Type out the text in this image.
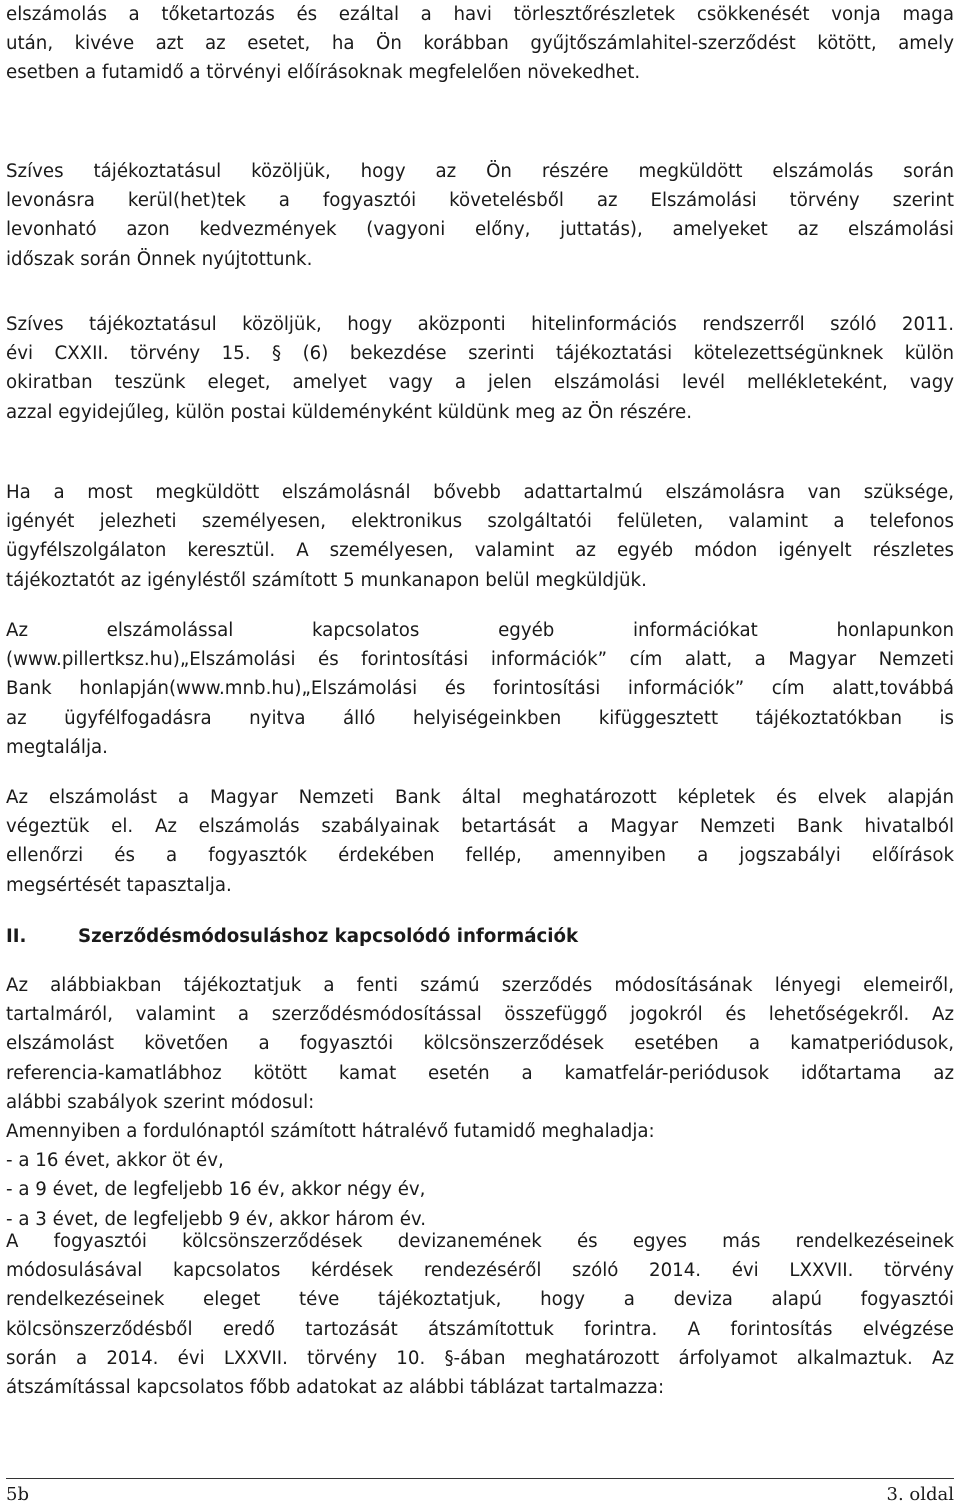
elszámolás a tőketartozás és ezáltal a havi törlesztőrészletek csökkenését vonja maga
után, kivéve azt az esetet, ha Ön korábban gyűjtőszámlahitel-szerződést kötött, amely
esetben a futamidő a törvényi előírásoknak megfelelően növekedhet.
Szíves tájékoztatásul közöljük, hogy az Ön részére megküldött elszámolás során
levonásra kerül(het)tek a fogyasztói követelésből az Elszámolási törvény szerint
levonható azon kedvezmények (vagyoni előny, juttatás), amelyeket az elszámolási
időszak során Önnek nyújtottunk.
Szíves tájékoztatásul közöljük, hogy aközponti hitelinformációs rendszerről szóló 2011.
évi CXXII. törvény 15. § (6) bekezdése szerinti tájékoztatási kötelezettségünknek külön
okiratban teszünk eleget, amelyet vagy a jelen elszámolási levél mellékleteként, vagy
azzal egyidejűleg, külön postai küldeményként küldünk meg az Ön részére.
Ha a most megküldött elszámolásnál bővebb adattartalmú elszámolásra van szüksége,
igényét jelezheti személyesen, elektronikus szolgáltatói felületen, valamint a telefonos
ügyfélszolgálaton keresztül. A személyesen, valamint az egyéb módon igényelt részletes
tájékoztatót az igényléstől számított 5 munkanapon belül megküldjük.
Az elszámolással kapcsolatos egyéb információkat honlapunkon
(www.pillertksz.hu)„Elszámolási és forintosítási információk” cím alatt, a Magyar Nemzeti
Bank honlapján(www.mnb.hu)„Elszámolási és forintosítási információk” cím alatt,továbbá
az ügyfélfogadásra nyitva álló helyiségeinkben kifüggesztett tájékoztatókban is
megtalálja.
Az elszámolást a Magyar Nemzeti Bank által meghatározott képletek és elvek alapján
végeztük el. Az elszámolás szabályainak betartását a Magyar Nemzeti Bank hivatalból
ellenőrzi és a fogyasztók érdekében fellép, amennyiben a jogszabályi előírások
megsértését tapasztalja.
II.	Szerződésmódosuláshoz kapcsolódó információk
Az alábbiakban tájékoztatjuk a fenti számú szerződés módosításának lényegi elemeiről,
tartalmáról, valamint a szerződésmódosítással összefüggő jogokról és lehetőségekről. Az
elszámolást követően a fogyasztói kölcsönszerződések esetében a kamatperiódusok,
referencia-kamatlábhoz kötött kamat esetén a kamatfelár-periódusok időtartama az
alábbi szabályok szerint módosul:
Amennyiben a fordulónaptól számított hátralévő futamidő meghaladja:
- a 16 évet, akkor öt év,
- a 9 évet, de legfeljebb 16 év, akkor négy év,
- a 3 évet, de legfeljebb 9 év, akkor három év.
A fogyasztói kölcsönszerződések devizanemének és egyes más rendelkezéseinek
módosulásával kapcsolatos kérdések rendezéséről szóló 2014. évi LXXVII. törvény
rendelkezéseinek eleget téve tájékoztatjuk, hogy a deviza alapú fogyasztói
kölcsönszerződésből eredő tartozását átszámítottuk forintra. A forintosítás elvégzése
során a 2014. évi LXXVII. törvény 10. §-ában meghatározott árfolyamot alkalmaztuk. Az
átszámítással kapcsolatos főbb adatokat az alábbi táblázat tartalmazza:
5b	3. oldal
